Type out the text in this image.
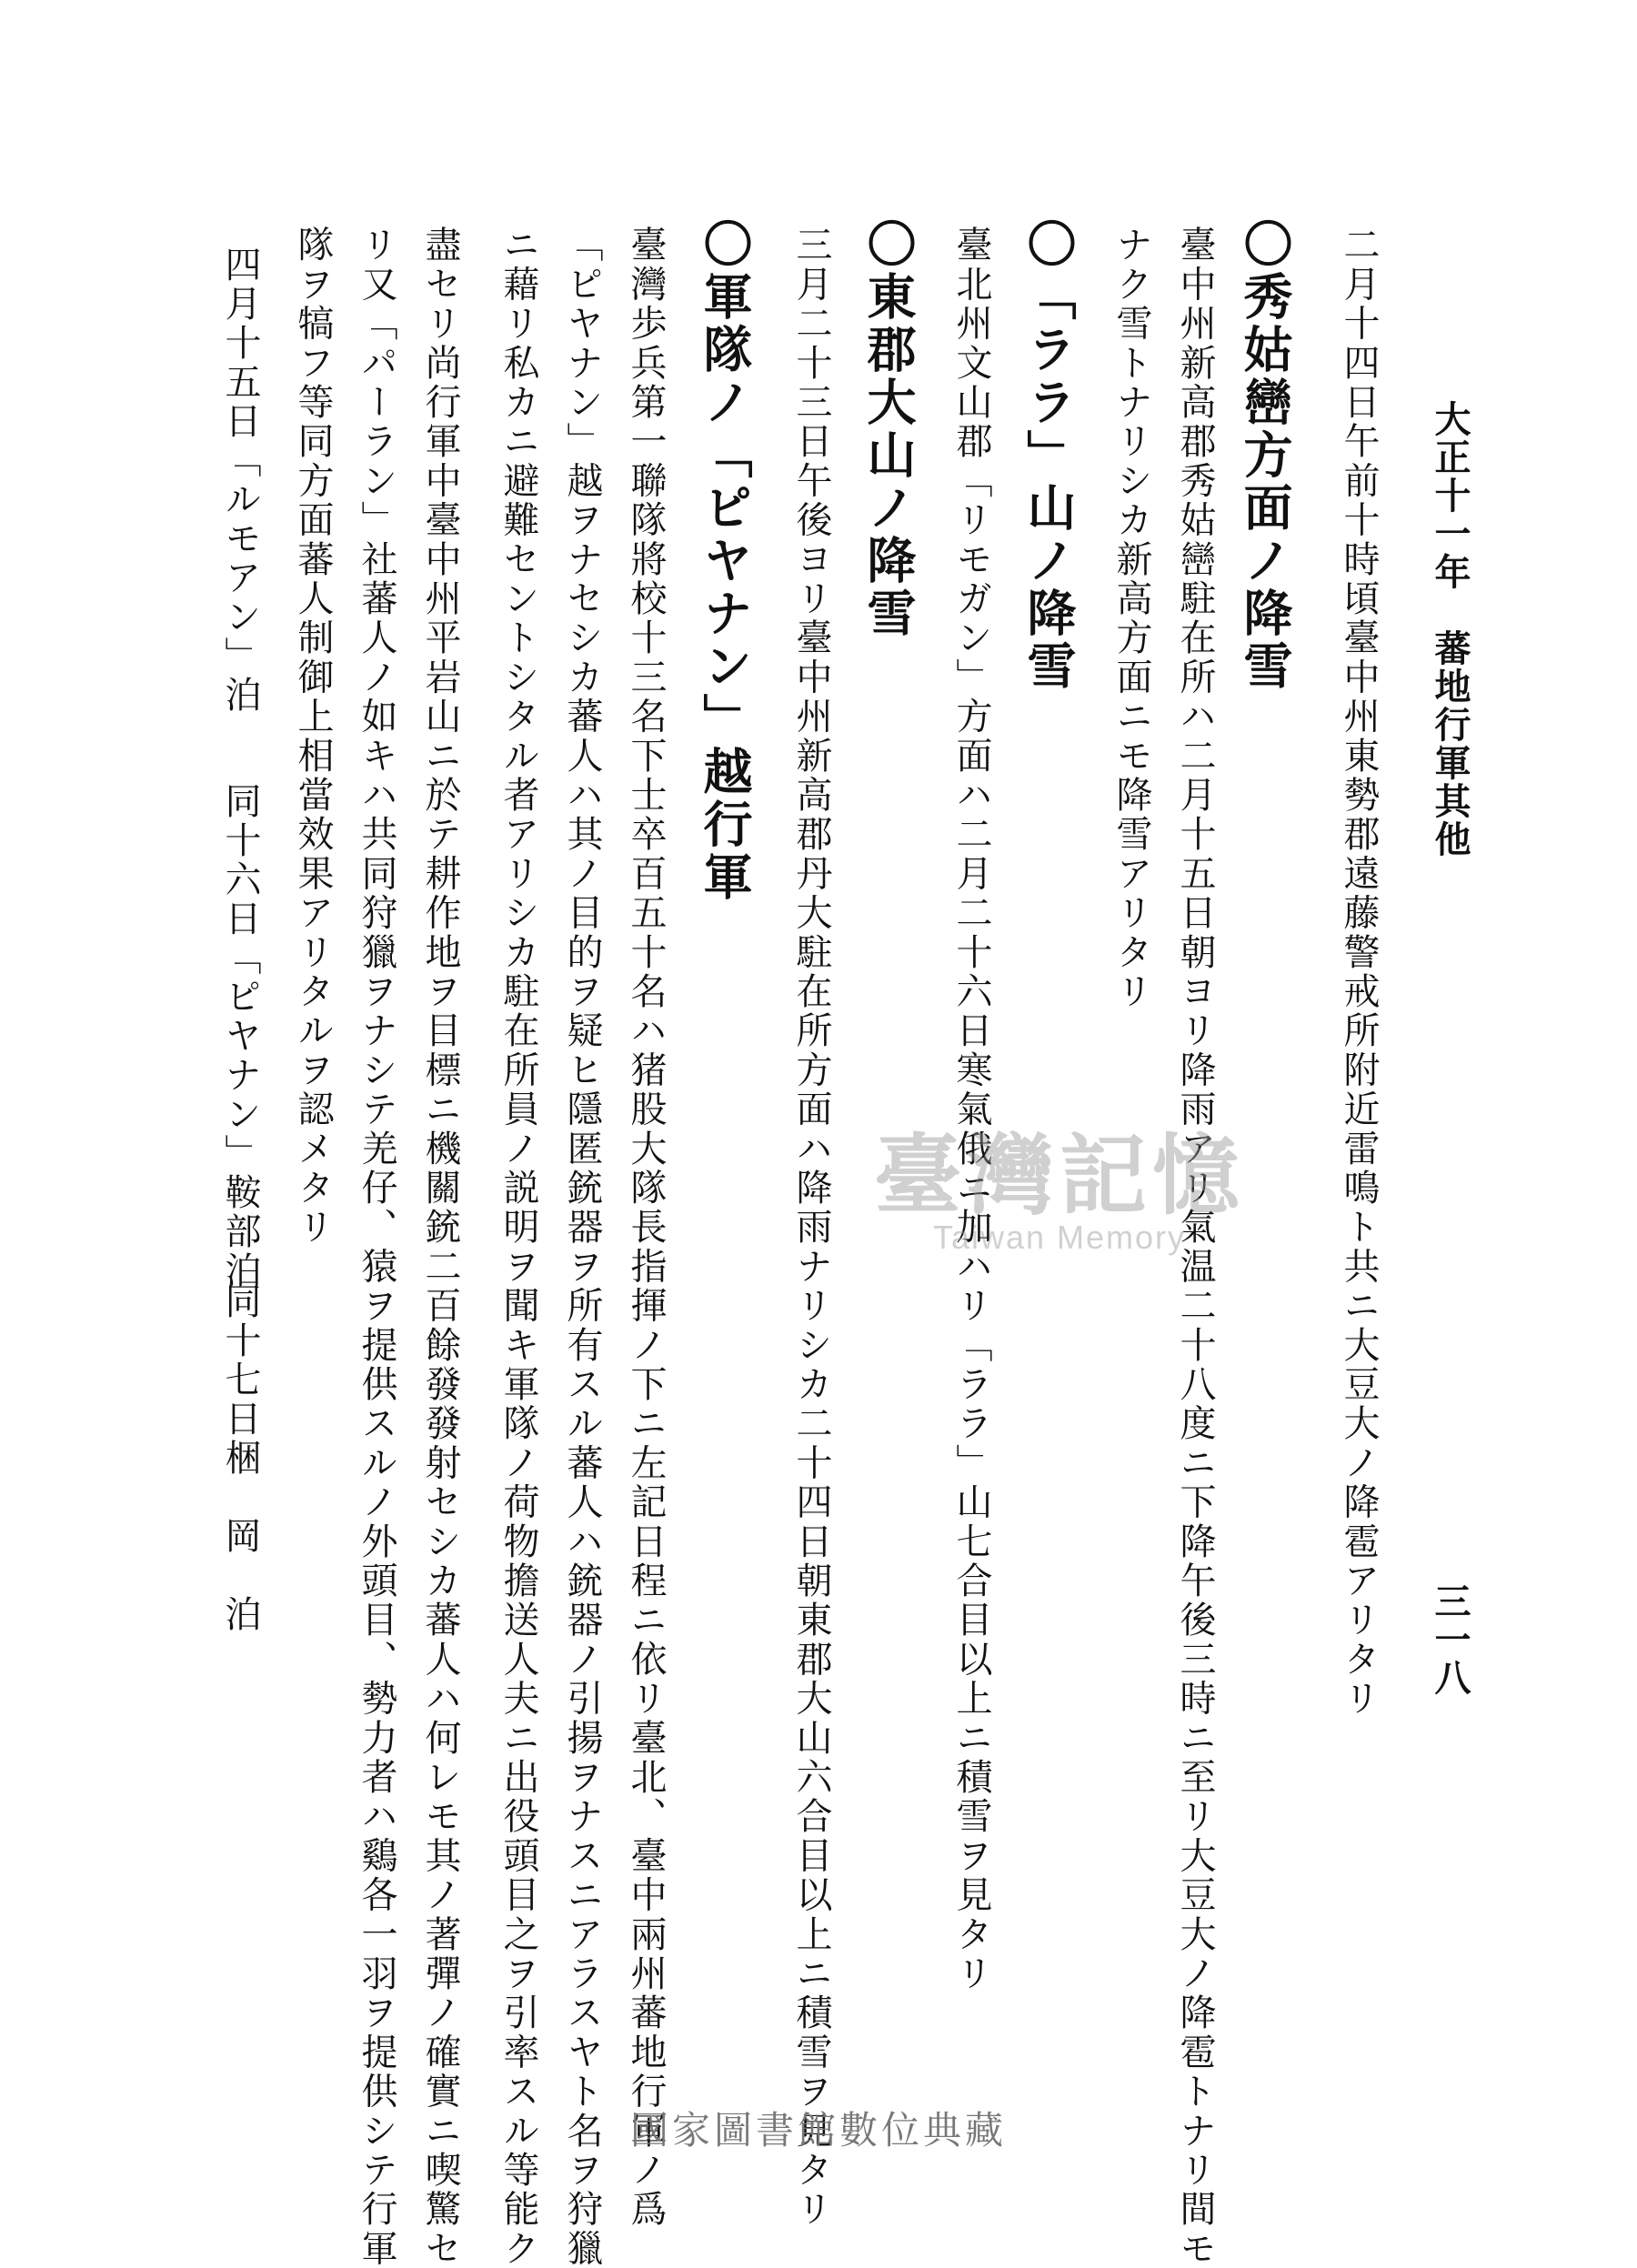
大正十一年　蕃地行軍其他
三一八
二月十四日午前十時頃臺中州東勢郡遠藤警戒所附近雷鳴ト共ニ大豆大ノ降雹アリタリ
〇秀姑巒方面ノ降雪
臺中州新高郡秀姑巒駐在所ハ二月十五日朝ヨリ降雨アリ氣温二十八度ニ下降午後三時ニ至リ大豆大ノ降雹トナリ間モ
ナク雪トナリシカ新高方面ニモ降雪アリタリ
〇「ララ」山ノ降雪
臺北州文山郡「リモガン」方面ハ二月二十六日寒氣俄ニ加ハリ「ララ」山七合目以上ニ積雪ヲ見タリ
〇東郡大山ノ降雪
三月二十三日午後ヨリ臺中州新高郡丹大駐在所方面ハ降雨ナリシカ二十四日朝東郡大山六合目以上ニ積雪ヲ見タリ
〇軍隊ノ「ピヤナン」越行軍
臺灣歩兵第一聯隊將校十三名下士卒百五十名ハ猪股大隊長指揮ノ下ニ左記日程ニ依リ臺北、臺中兩州蕃地行軍ノ爲
「ピヤナン」越ヲナセシカ蕃人ハ其ノ目的ヲ疑ヒ隱匿銃器ヲ所有スル蕃人ハ銃器ノ引揚ヲナスニアラスヤト名ヲ狩獵
ニ藉リ私カニ避難セントシタル者アリシカ駐在所員ノ説明ヲ聞キ軍隊ノ荷物擔送人夫ニ出役頭目之ヲ引率スル等能ク
盡セリ尚行軍中臺中州平岩山ニ於テ耕作地ヲ目標ニ機關銃二百餘發發射セシカ蕃人ハ何レモ其ノ著彈ノ確實ニ喫驚セ
リ又「パーラン」社蕃人ノ如キハ共同狩獵ヲナシテ羌仔、猿ヲ提供スルノ外頭目、勢力者ハ鷄各一羽ヲ提供シテ行軍
隊ヲ犒フ等同方面蕃人制御上相當效果アリタルヲ認メタリ
四月十五日「ルモアン」泊
同十六日「ピヤナン」鞍部泊
同十七日梱　岡　泊
臺灣記憶
Taiwan Memory
國家圖書館數位典藏
